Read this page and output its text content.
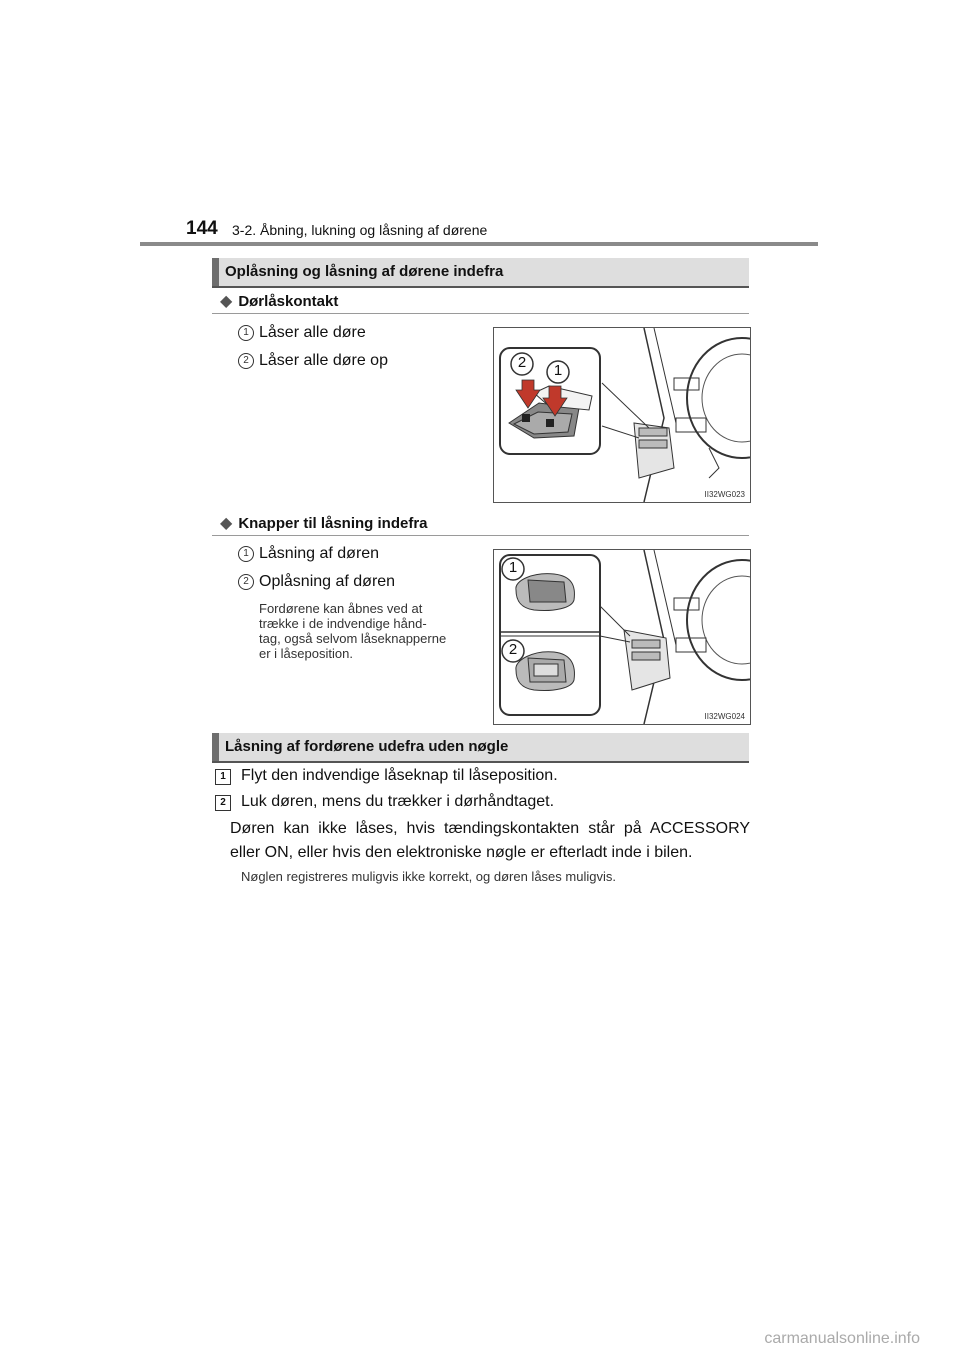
144 3-2. Åbning, lukning og låsning af dørene
Oplåsning og låsning af dørene indefra
◆ Dørlåskontakt
1 Låser alle døre
2 Låser alle døre op	2	1
II32WG023
◆ Knapper til låsning indefra
1 Låsning af døren
2 Oplåsning af døren
Fordørene kan åbnes ved at
trække i de indvendige hånd-
tag, også selvom låseknapperne
er i låseposition.
1
2
II32WG024
Låsning af fordørene udefra uden nøgle
1 Flyt den indvendige låseknap til låseposition.
2 Luk døren, mens du trækker i dørhåndtaget.
Døren kan ikke låses, hvis tændingskontakten står på ACCESSORY
eller ON, eller hvis den elektroniske nøgle er efterladt inde i bilen.
Nøglen registreres muligvis ikke korrekt, og døren låses muligvis.
carmanualsonline.info
